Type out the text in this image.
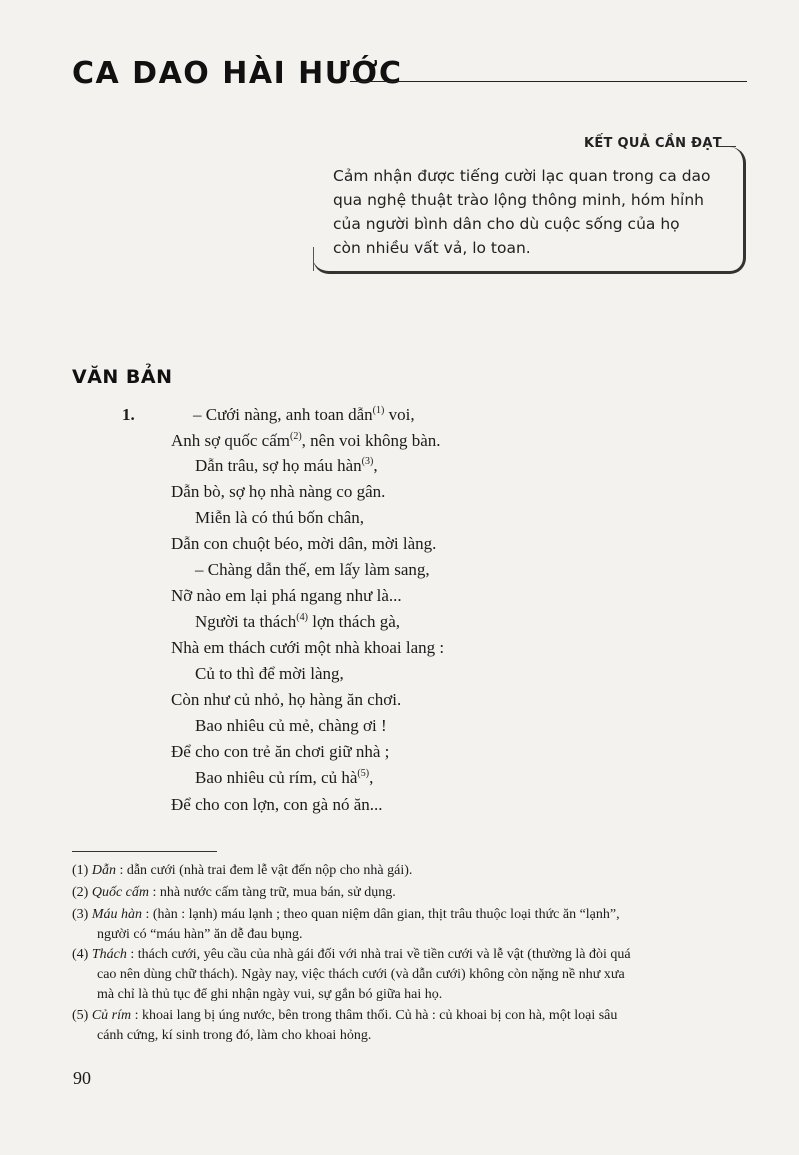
CA DAO HÀI HƯỚC
KẾT QUẢ CẦN ĐẠT
Cảm nhận được tiếng cười lạc quan trong ca dao
qua nghệ thuật trào lộng thông minh, hóm hỉnh
của người bình dân cho dù cuộc sống của họ
còn nhiều vất vả, lo toan.
VĂN BẢN
1.	– Cưới nàng, anh toan dẫn$^{(1)}$ voi,
Anh sợ quốc cấm$^{(2)}$, nên voi không bàn.
Dẫn trâu, sợ họ máu hàn$^{(3)}$,
Dẫn bò, sợ họ nhà nàng co gân.
Miễn là có thú bốn chân,
Dẫn con chuột béo, mời dân, mời làng.
– Chàng dẫn thế, em lấy làm sang,
Nỡ nào em lại phá ngang như là...
Người ta thách$^{(4)}$ lợn thách gà,
Nhà em thách cưới một nhà khoai lang :
Củ to thì để mời làng,
Còn như củ nhỏ, họ hàng ăn chơi.
Bao nhiêu củ mẻ, chàng ơi !
Để cho con trẻ ăn chơi giữ nhà ;
Bao nhiêu củ rím, củ $hà^{(5)}$,
Để cho con lợn, con gà nó ăn...
(1) Dẫn : dẫn cưới (nhà trai đem lễ vật đến nộp cho nhà gái).
(2) Quốc cấm : nhà nước cấm tàng trữ, mua bán, sử dụng.
(3) Máu hàn : (hàn : lạnh) máu lạnh ; theo quan niệm dân gian, thịt trâu thuộc loại thức ăn “lạnh”,
người có “máu hàn” ăn dễ đau bụng.
(4) Thách : thách cưới, yêu cầu của nhà gái đối với nhà trai về tiền cưới và lễ vật (thường là đòi quá
cao nên dùng chữ thách). Ngày nay, việc thách cưới (và dẫn cưới) không còn nặng nề như xưa
mà chỉ là thủ tục để ghi nhận ngày vui, sự gắn bó giữa hai họ.
(5) Củ rím : khoai lang bị úng nước, bên trong thâm thối. Củ hà : củ khoai bị con hà, một loại sâu
cánh cứng, kí sinh trong đó, làm cho khoai hỏng.
90
